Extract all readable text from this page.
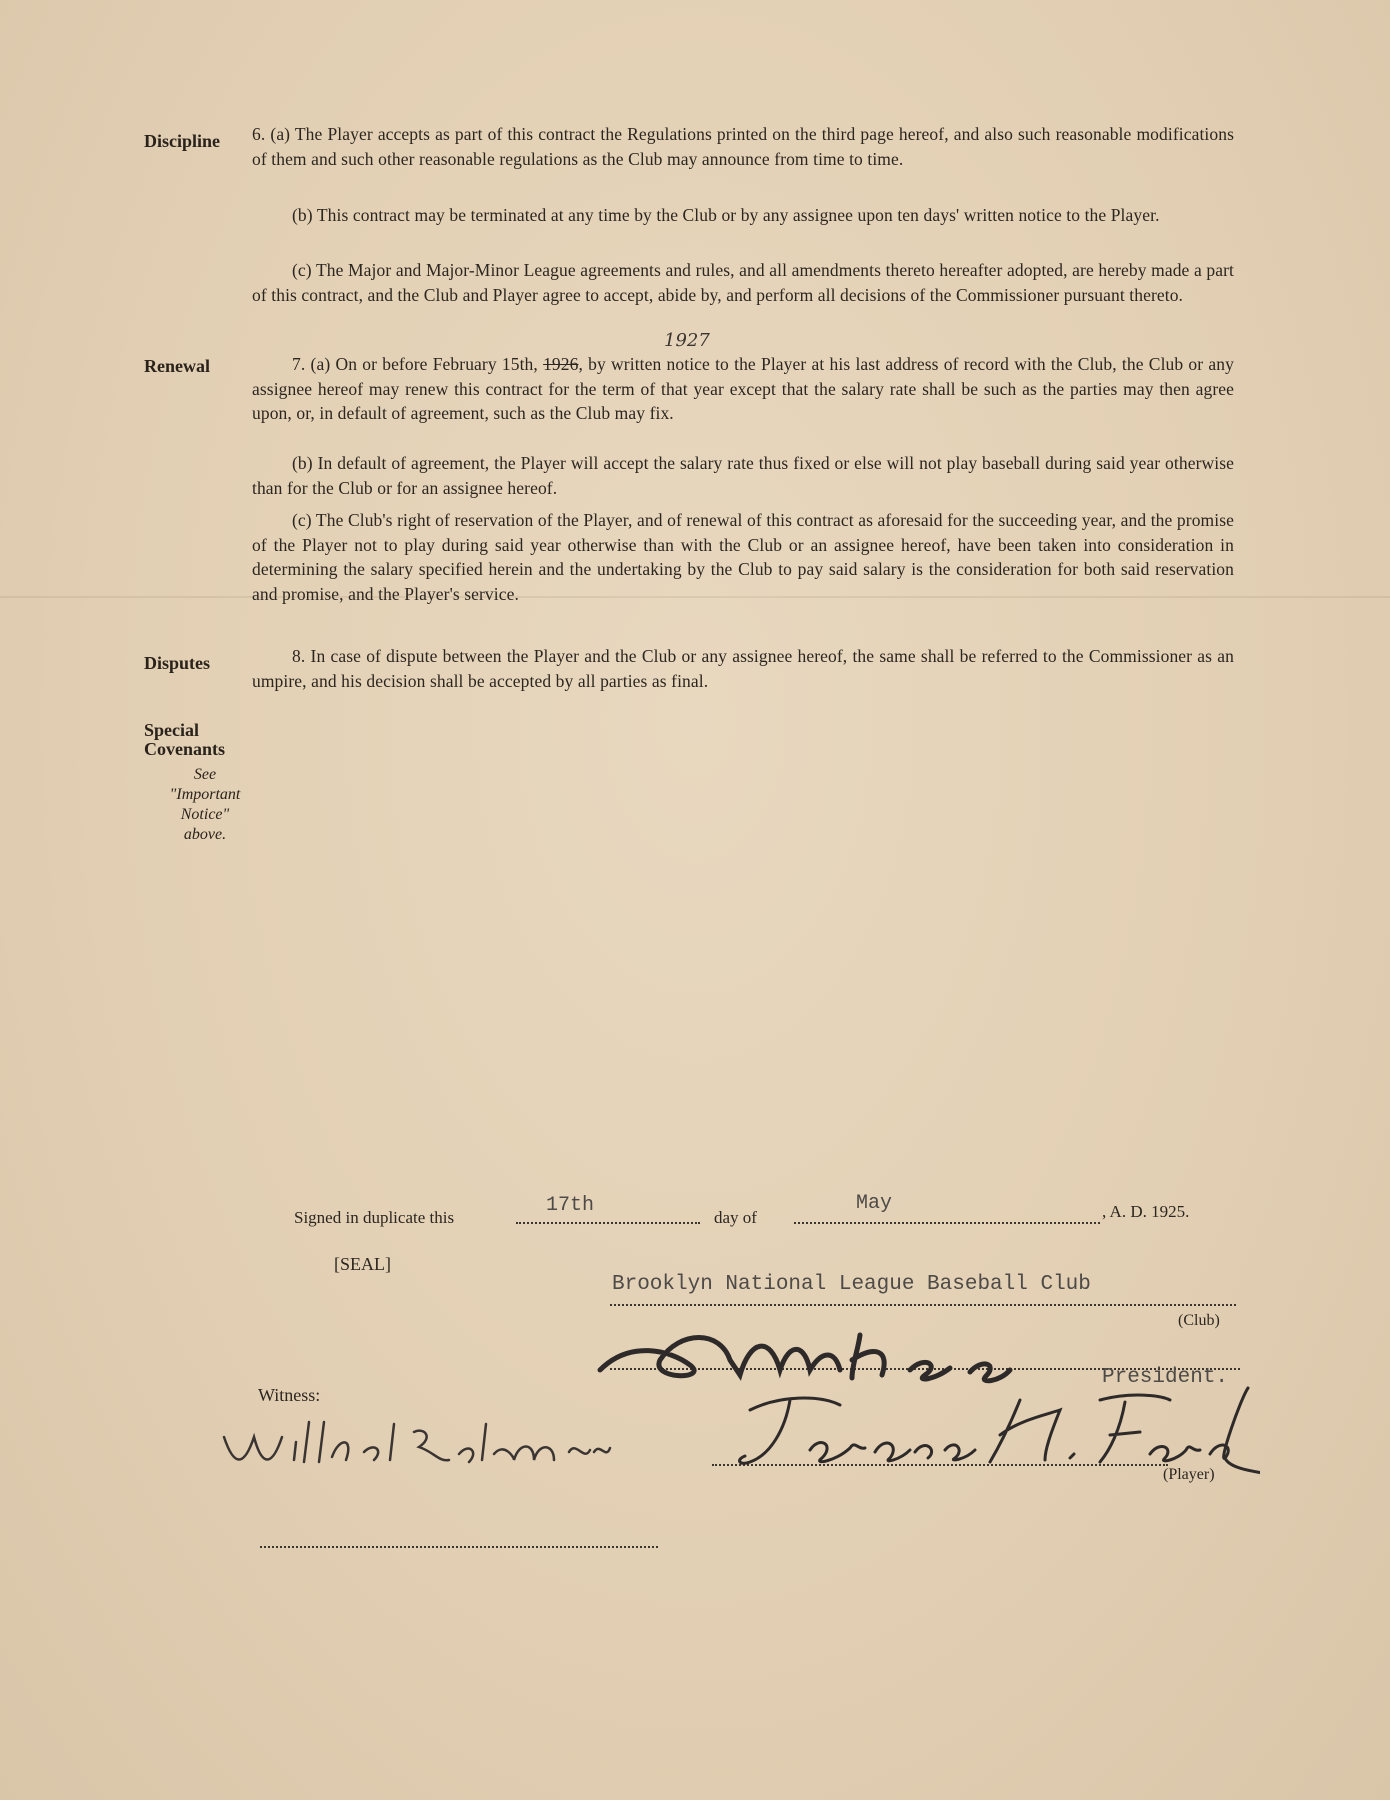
Discipline 6. (a) The Player accepts as part of this contract the Regulations printed on the third page hereof, and also such reasonable modifications of them and such other reasonable regulations as the Club may announce from time to time.

(b) This contract may be terminated at any time by the Club or by any assignee upon ten days' written notice to the Player.

(c) The Major and Major-Minor League agreements and rules, and all amendments thereto hereafter adopted, are hereby made a part of this contract, and the Club and Player agree to accept, abide by, and perform all decisions of the Commissioner pursuant thereto.

Renewal
1927

7. (a) On or before February 15th, 1926, by written notice to the Player at his last address of record with the Club, the Club or any assignee hereof may renew this contract for the term of that year except that the salary rate shall be such as the parties may then agree upon, or, in default of agreement, such as the Club may fix.

(b) In default of agreement, the Player will accept the salary rate thus fixed or else will not play baseball during said year otherwise than for the Club or for an assignee hereof.

(c) The Club's right of reservation of the Player, and of renewal of this contract as aforesaid for the succeeding year, and the promise of the Player not to play during said year otherwise than with the Club or an assignee hereof, have been taken into consideration in determining the salary specified herein and the undertaking by the Club to pay said salary is the consideration for both said reservation and promise, and the Player's service.

Disputes	8. In case of dispute between the Player and the Club or any assignee hereof, the same shall be referred to the Commissioner as an umpire, and his decision shall be accepted by all parties as final.

Special
Covenants
See
"Important
Notice"
above.
Signed in duplicate this
17th
day of
May	, A. D. 1925.
[SEAL]
Brooklyn National League Baseball Club
(Club)
President.
Witness:
(Player)
